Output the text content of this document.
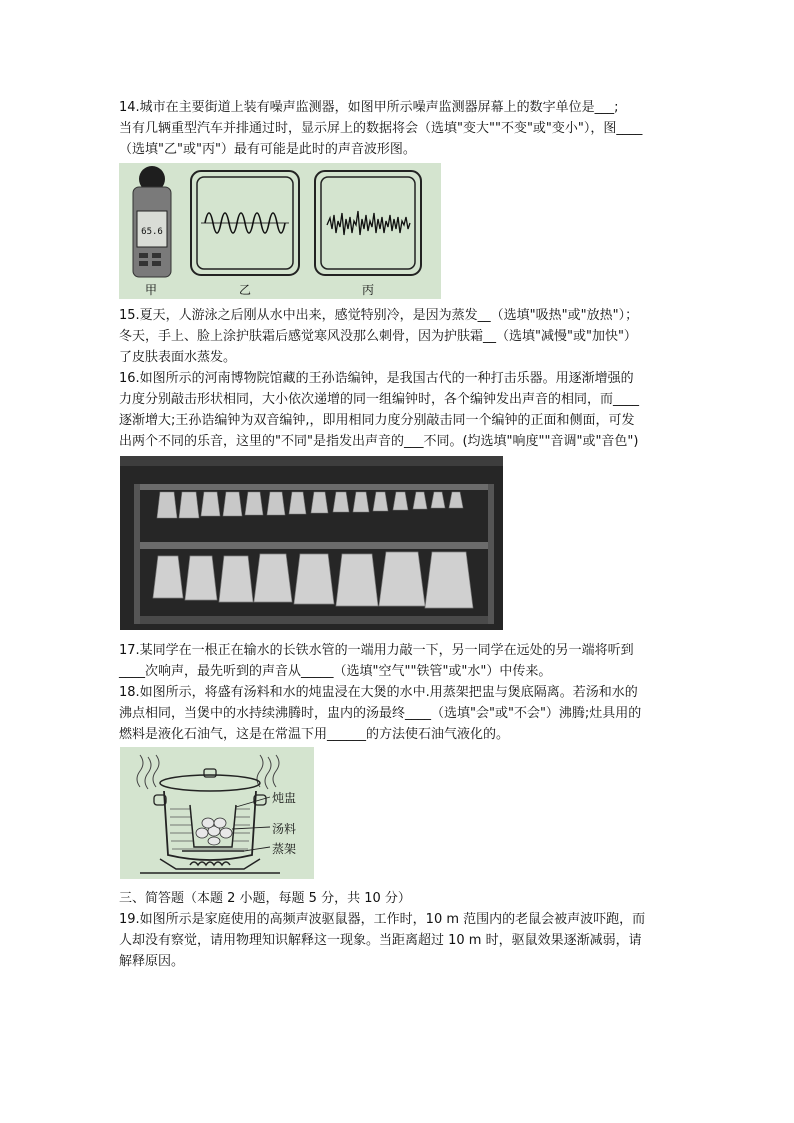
14.城市在主要街道上装有噪声监测器，如图甲所示噪声监测器屏幕上的数字单位是___;

当有几辆重型汽车并排通过时，显示屏上的数据将会（选填"变大""不变"或"变小"），图____

（选填"乙"或"丙"）最有可能是此时的声音波形图。

65.6
甲	乙	丙

15.夏天，人游泳之后刚从水中出来，感觉特别冷，是因为蒸发__（选填"吸热"或"放热"）；

冬天，手上、脸上涂护肤霜后感觉寒风没那么刺骨，因为护肤霜__（选填"减慢"或"加快"）

了皮肤表面水蒸发。

16.如图所示的河南博物院馆藏的王孙诰编钟，是我国古代的一种打击乐器。用逐渐增强的

力度分别敲击形状相同，大小依次递增的同一组编钟时，各个编钟发出声音的相同，而____

逐渐增大;王孙诰编钟为双音编钟,，即用相同力度分别敲击同一个编钟的正面和侧面，可发

出两个不同的乐音，这里的"不同"是指发出声音的___不同。(均选填"响度""音调"或"音色")

17.某同学在一根正在输水的长铁水管的一端用力敲一下，另一同学在远处的另一端将听到

____次响声，最先听到的声音从_____（选填"空气""铁管"或"水"）中传来。

18.如图所示，将盛有汤料和水的炖盅浸在大煲的水中.用蒸架把盅与煲底隔离。若汤和水的

沸点相同，当煲中的水持续沸腾时，盅内的汤最终____（选填"会"或"不会"）沸腾;灶具用的

燃料是液化石油气，这是在常温下用______的方法使石油气液化的。

炖盅
汤料
蒸架

三、简答题（本题 2 小题，每题 5 分，共 10 分）

19.如图所示是家庭使用的高频声波驱鼠器，工作时，10 m 范围内的老鼠会被声波吓跑，而

人却没有察觉，请用物理知识解释这一现象。当距离超过 10 m 时，驱鼠效果逐渐减弱，请

解释原因。
